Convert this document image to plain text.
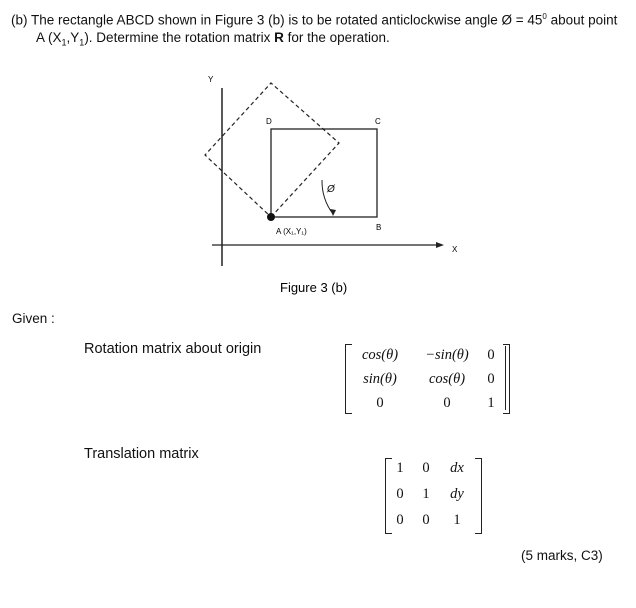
(b) The rectangle ABCD shown in Figure 3 (b) is to be rotated anticlockwise angle Ø = $45^0$ about point
A $(X_1,Y_1)$. Determine the rotation matrix R for the operation.
Y
X
D	C
B
A (X₁,Y₁)
Ø
Figure 3 (b)
Given :
Rotation matrix about origin	cos(θ)	−sin(θ)	0
sin(θ)	cos(θ)	0
0	0	1
Translation matrix
1	0	dx
0	1	dy
0	0	1
(5 marks, C3)
